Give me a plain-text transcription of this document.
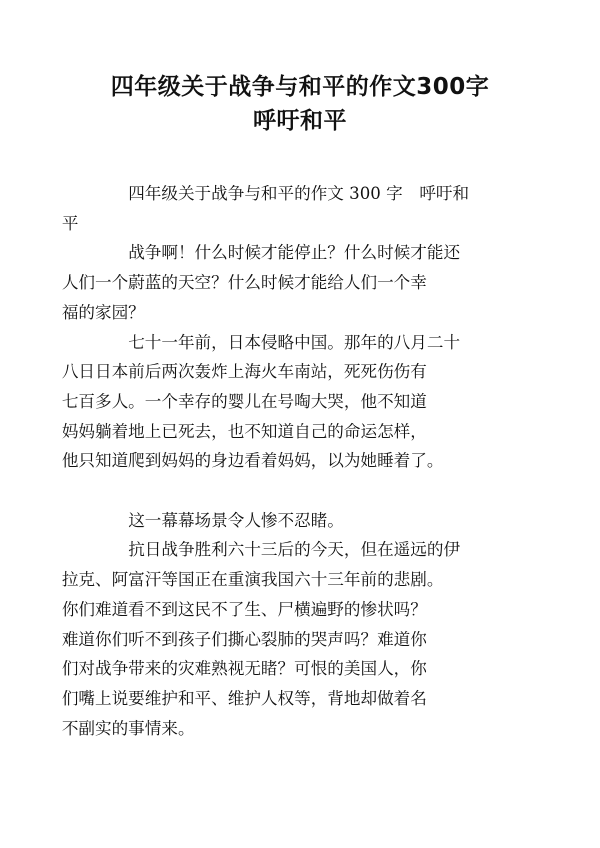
四年级关于战争与和平的作文300字
呼吁和平
四年级关于战争与和平的作文 300 字　呼吁和
平
战争啊！什么时候才能停止？什么时候才能还
人们一个蔚蓝的天空？什么时候才能给人们一个幸
福的家园？
七十一年前，日本侵略中国。那年的八月二十
八日日本前后两次轰炸上海火车南站，死死伤伤有
七百多人。一个幸存的婴儿在号啕大哭，他不知道
妈妈躺着地上已死去，也不知道自己的命运怎样，
他只知道爬到妈妈的身边看着妈妈，以为她睡着了。
这一幕幕场景令人惨不忍睹。
抗日战争胜利六十三后的今天，但在遥远的伊
拉克、阿富汗等国正在重演我国六十三年前的悲剧。
你们难道看不到这民不了生、尸横遍野的惨状吗？
难道你们听不到孩子们撕心裂肺的哭声吗？难道你
们对战争带来的灾难熟视无睹？可恨的美国人，你
们嘴上说要维护和平、维护人权等，背地却做着名
不副实的事情来。
